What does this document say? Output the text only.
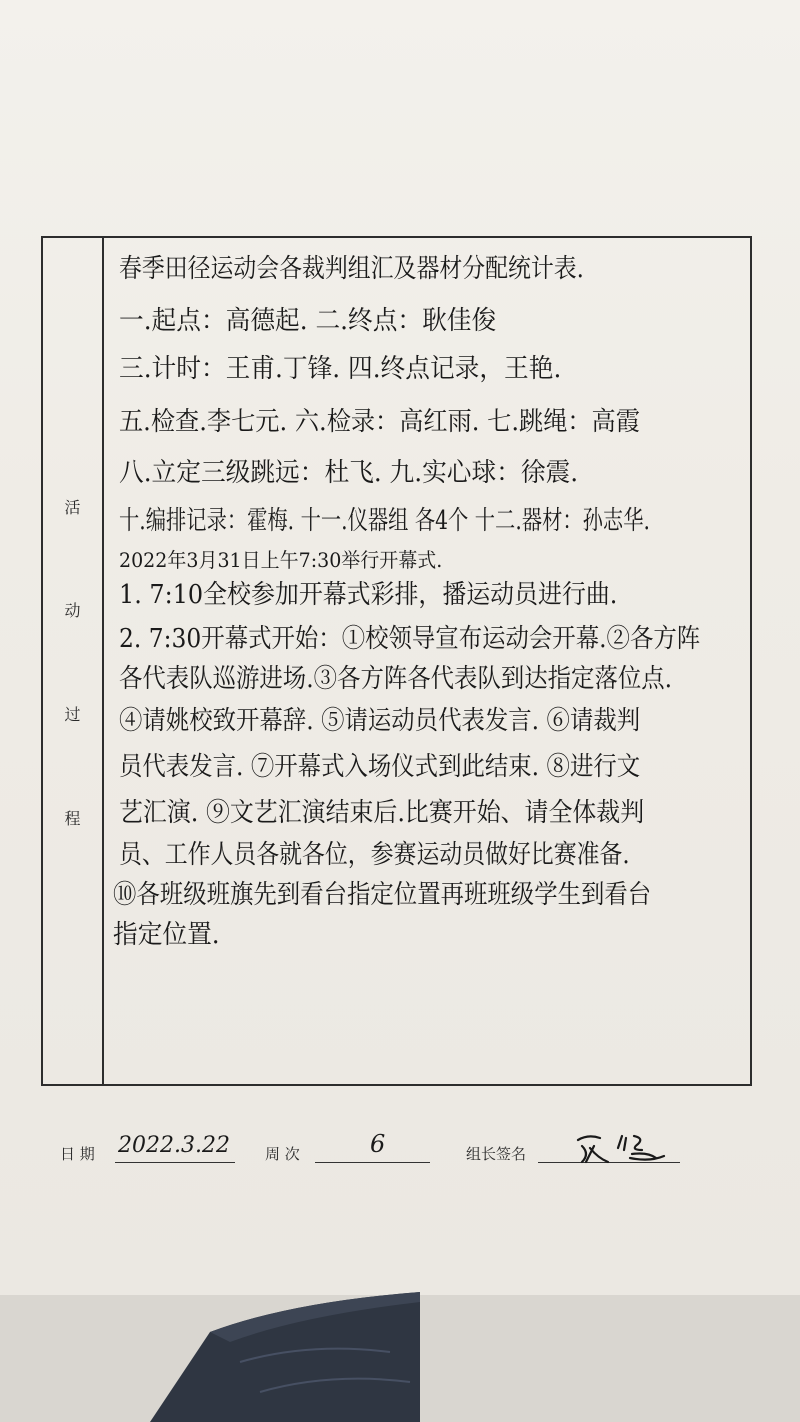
活
动
过
程
春季田径运动会各裁判组汇及器材分配统计表.
一.起点：高德起. 二.终点：耿佳俊
三.计时：王甫.丁锋. 四.终点记录，王艳.
五.检查.李七元. 六.检录：高红雨. 七.跳绳：高霞
八.立定三级跳远：杜飞. 九.实心球：徐震.
十.编排记录：霍梅. 十一.仪器组 各4个 十二.器材：孙志华.
2022年3月31日上午7:30举行开幕式.
1. 7:10全校参加开幕式彩排，播运动员进行曲.
2. 7:30开幕式开始：①校领导宣布运动会开幕.②各方阵
各代表队巡游进场.③各方阵各代表队到达指定落位点.
④请姚校致开幕辞. ⑤请运动员代表发言. ⑥请裁判
员代表发言. ⑦开幕式入场仪式到此结束. ⑧进行文
艺汇演. ⑨文艺汇演结束后.比赛开始、请全体裁判
员、工作人员各就各位，参赛运动员做好比赛准备.
⑩各班级班旗先到看台指定位置再班班级学生到看台
指定位置.
日 期 2022.3.22 周 次	6	组长签名
